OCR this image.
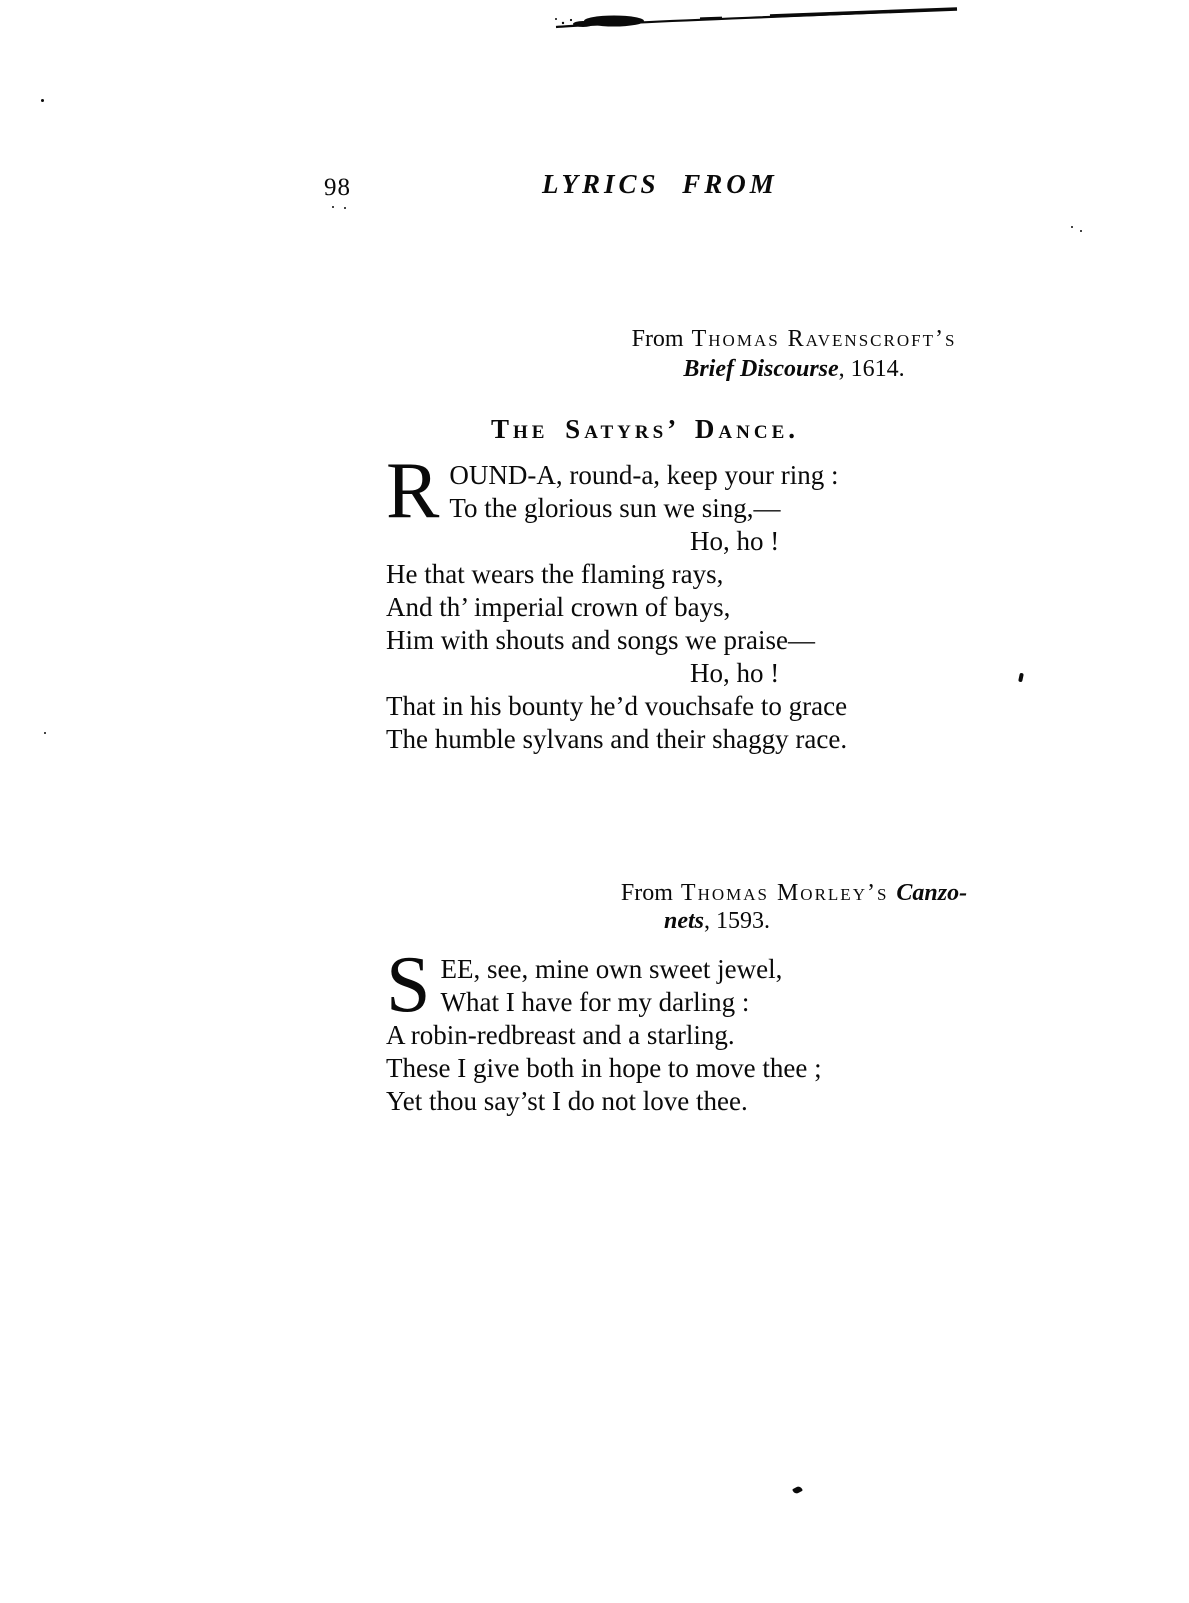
98	LYRICS FROM
From Thomas Ravenscroft’s
Brief Discourse, 1614.
The Satyrs’ Dance.
R OUND-A, round-a, keep your ring :
To the glorious sun we sing,—
Ho, ho !
He that wears the flaming rays,
And th’ imperial crown of bays,
Him with shouts and songs we praise—
Ho, ho !
That in his bounty he’d vouchsafe to grace
The humble sylvans and their shaggy race.
From Thomas Morley’s Canzo-
nets, 1593.
S EE, see, mine own sweet jewel,
What I have for my darling :
A robin-redbreast and a starling.
These I give both in hope to move thee ;
Yet thou say’st I do not love thee.
